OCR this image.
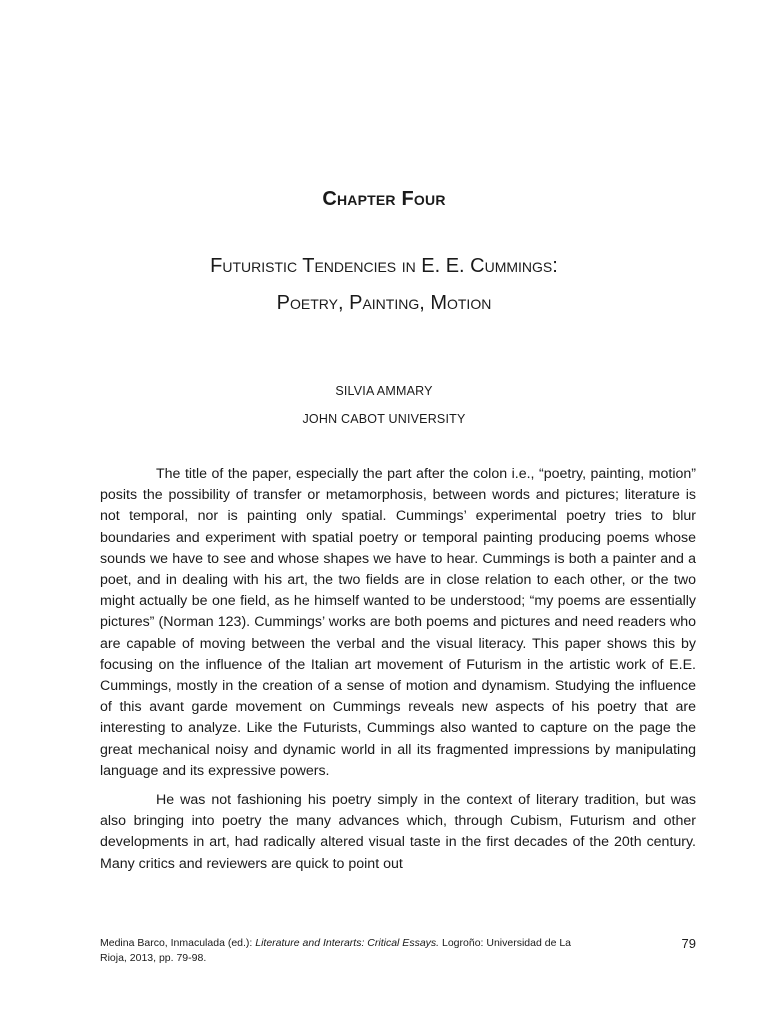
Chapter Four
Futuristic Tendencies in E. E. Cummings:
Poetry, Painting, Motion
SILVIA AMMARY
JOHN CABOT UNIVERSITY

The title of the paper, especially the part after the colon i.e., “poetry, painting, motion” posits the possibility of transfer or metamorphosis, between words and pictures; literature is not temporal, nor is painting only spatial. Cummings’ experimental poetry tries to blur boundaries and experiment with spatial poetry or temporal painting producing poems whose sounds we have to see and whose shapes we have to hear. Cummings is both a painter and a poet, and in dealing with his art, the two fields are in close relation to each other, or the two might actually be one field, as he himself wanted to be understood; “my poems are essentially pictures” (Norman 123). Cummings’ works are both poems and pictures and need readers who are capable of moving between the verbal and the visual literacy. This paper shows this by focusing on the influence of the Italian art movement of Futurism in the artistic work of E.E. Cummings, mostly in the creation of a sense of motion and dynamism. Studying the influence of this avant garde movement on Cummings reveals new aspects of his poetry that are interesting to analyze. Like the Futurists, Cummings also wanted to capture on the page the great mechanical noisy and dynamic world in all its fragmented impressions by manipulating language and its expressive powers.

He was not fashioning his poetry simply in the context of literary tradition, but was also bringing into poetry the many advances which, through Cubism, Futurism and other developments in art, had radically altered visual taste in the first decades of the 20th century. Many critics and reviewers are quick to point out

Medina Barco, Inmaculada (ed.): Literature and Interarts: Critical Essays. Logroño: Universidad de La Rioja, 2013, pp. 79-98.
79
